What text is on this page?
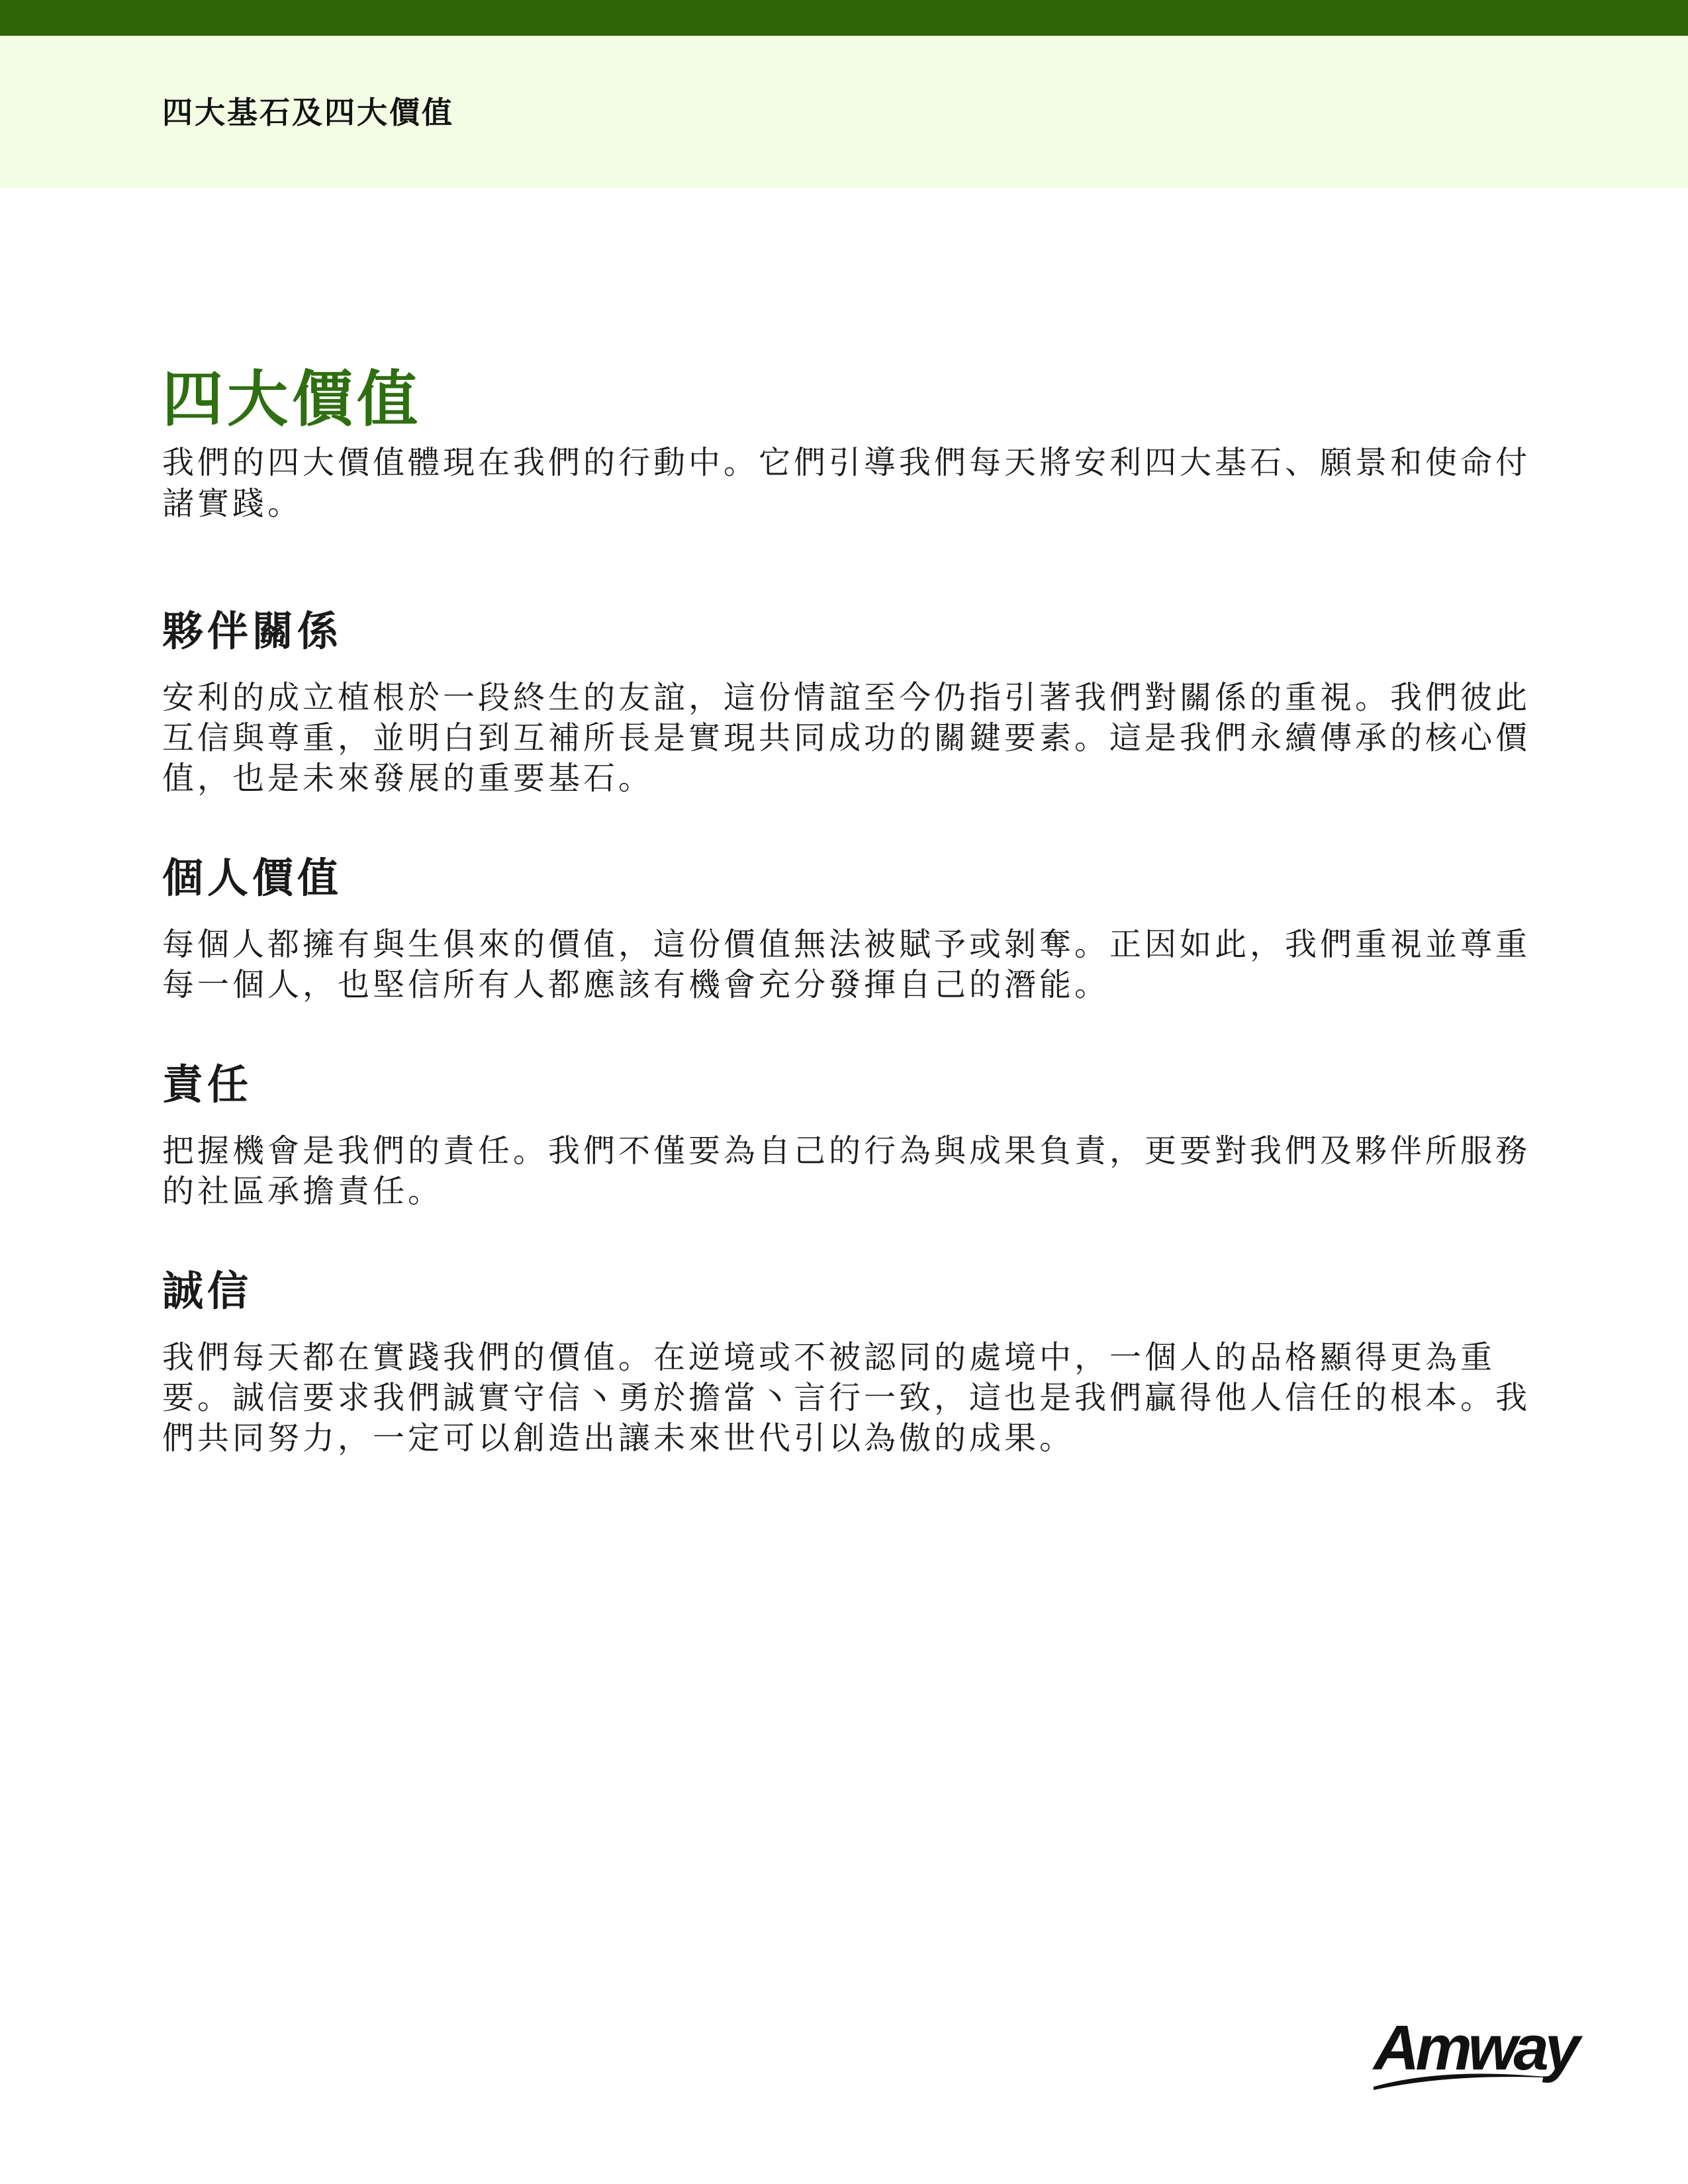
四大基石及四大價值
四大價值

我們的四大價值體現在我們的行動中。它們引導我們每天將安利四大基石、願景和使命付諸實踐。

夥伴關係

安利的成立植根於一段終生的友誼，這份情誼至今仍指引著我們對關係的重視。我們彼此互信與尊重，並明白到互補所長是實現共同成功的關鍵要素。這是我們永續傳承的核心價值，也是未來發展的重要基石。

個人價值

每個人都擁有與生俱來的價值，這份價值無法被賦予或剝奪。正因如此，我們重視並尊重每一個人，也堅信所有人都應該有機會充分發揮自己的潛能。

責任

把握機會是我們的責任。我們不僅要為自己的行為與成果負責，更要對我們及夥伴所服務的社區承擔責任。

誠信

我們每天都在實踐我們的價值。在逆境或不被認同的處境中，一個人的品格顯得更為重要。誠信要求我們誠實守信丶勇於擔當丶言行一致，這也是我們贏得他人信任的根本。我們共同努力，一定可以創造出讓未來世代引以為傲的成果。

Amway
